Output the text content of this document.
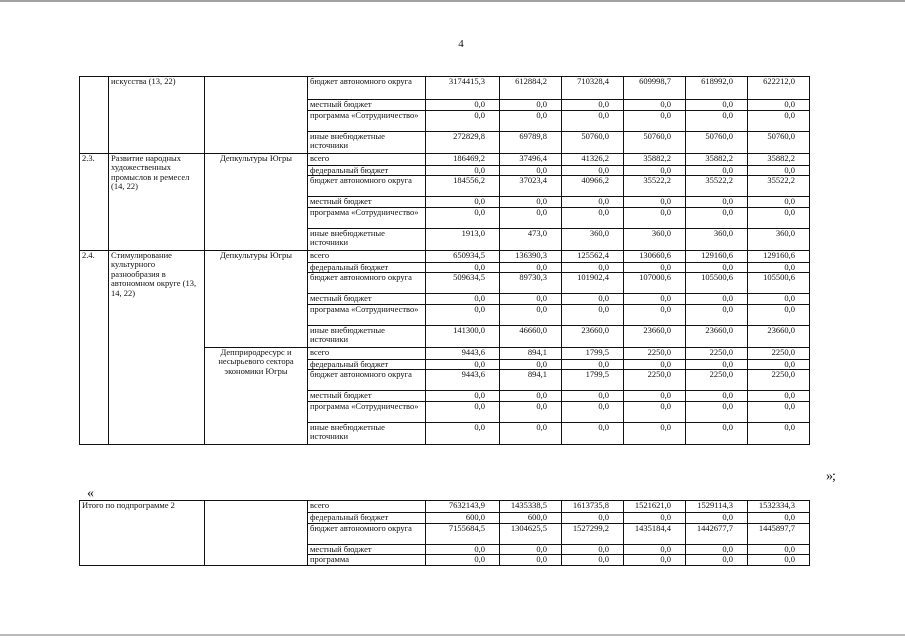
4
	искусства (13, 22)		бюджет автономного округа	3174415,3	612884,2	710328,4	609998,7	618992,0	622212,0
			местный бюджет	0,0	0,0	0,0	0,0	0,0	0,0
			программа «Сотрудничество»	0,0	0,0	0,0	0,0	0,0	0,0
			иные внебюджетные источники	272829,8	69789,8	50760,0	50760,0	50760,0	50760,0
2.3.	Развитие народных художественных промыслов и ремесел (14, 22)	Депкультуры Югры	всего	186469,2	37496,4	41326,2	35882,2	35882,2	35882,2
			федеральный бюджет	0,0	0,0	0,0	0,0	0,0	0,0
			бюджет автономного округа	184556,2	37023,4	40966,2	35522,2	35522,2	35522,2
			местный бюджет	0,0	0,0	0,0	0,0	0,0	0,0
			программа «Сотрудничество»	0,0	0,0	0,0	0,0	0,0	0,0
			иные внебюджетные источники	1913,0	473,0	360,0	360,0	360,0	360,0
2.4.	Стимулирование культурного разнообразия в автономном округе (13, 14, 22)	Депкультуры Югры	всего	650934,5	136390,3	125562,4	130660,6	129160,6	129160,6
			федеральный бюджет	0,0	0,0	0,0	0,0	0,0	0,0
			бюджет автономного округа	509634,5	89730,3	101902,4	107000,6	105500,6	105500,6
			местный бюджет	0,0	0,0	0,0	0,0	0,0	0,0
			программа «Сотрудничество»	0,0	0,0	0,0	0,0	0,0	0,0
			иные внебюджетные источники	141300,0	46660,0	23660,0	23660,0	23660,0	23660,0
		Депприродресурс и несырьевого сектора экономики Югры	всего	9443,6	894,1	1799,5	2250,0	2250,0	2250,0
			федеральный бюджет	0,0	0,0	0,0	0,0	0,0	0,0
			бюджет автономного округа	9443,6	894,1	1799,5	2250,0	2250,0	2250,0
			местный бюджет	0,0	0,0	0,0	0,0	0,0	0,0
			программа «Сотрудничество»	0,0	0,0	0,0	0,0	0,0	0,0
			иные внебюджетные источники	0,0	0,0	0,0	0,0	0,0	0,0
»;
«
Итого по подпрограмме 2		всего	7632143,9	1435338,5	1613735,8	1521621,0	1529114,3	1532334,3
		федеральный бюджет	600,0	600,0	0,0	0,0	0,0	0,0
		бюджет автономного округа	7155684,5	1304625,5	1527299,2	1435184,4	1442677,7	1445897,7
		местный бюджет	0,0	0,0	0,0	0,0	0,0	0,0
		программа	0,0	0,0	0,0	0,0	0,0	0,0
